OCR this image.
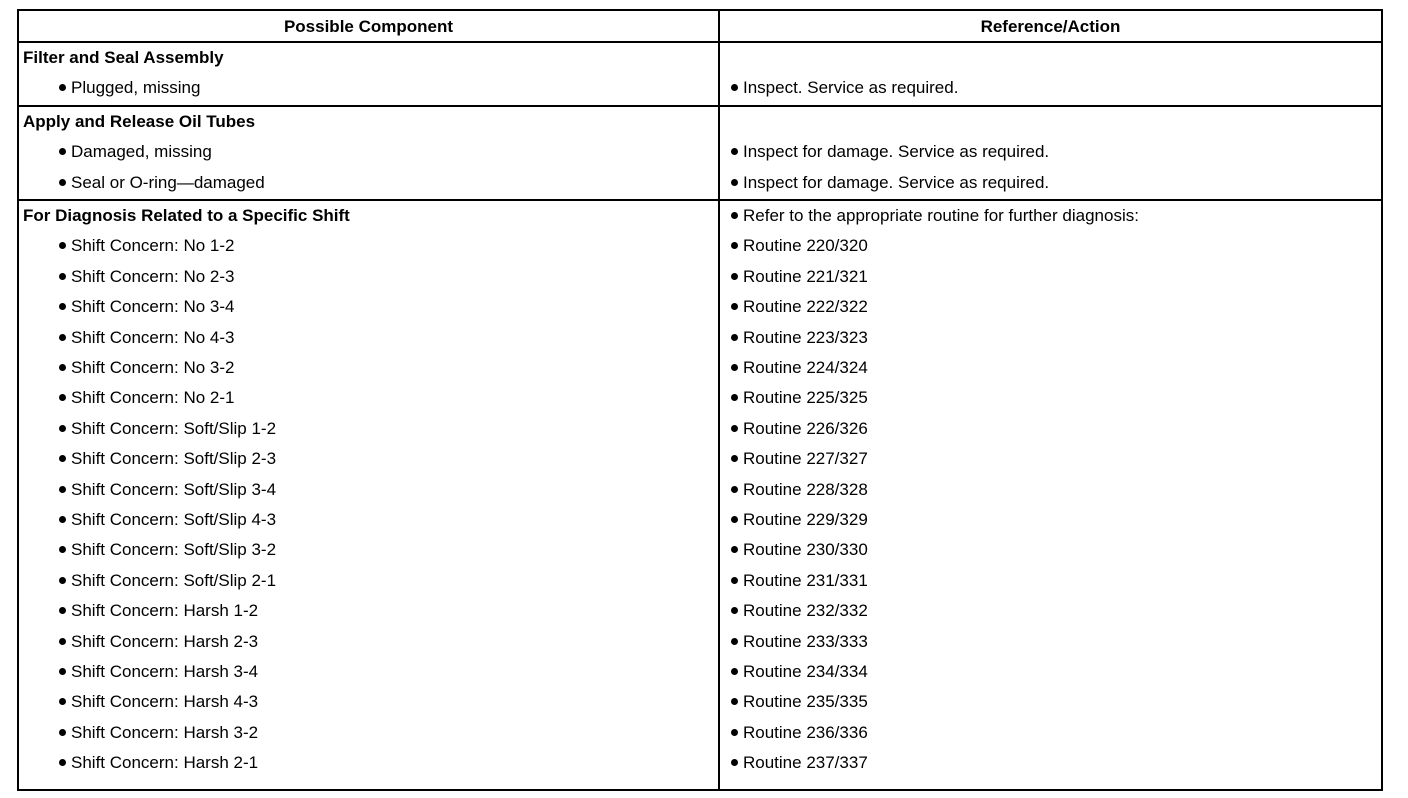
Possible Component	Reference/Action
Filter and Seal Assembly
Plugged, missing	Inspect. Service as required.
Apply and Release Oil Tubes
Damaged, missing	Inspect for damage. Service as required.
Seal or O-ring—damaged	Inspect for damage. Service as required.
For Diagnosis Related to a Specific Shift	Refer to the appropriate routine for further diagnosis:
Shift Concern: No 1-2	Routine 220/320
Shift Concern: No 2-3	Routine 221/321
Shift Concern: No 3-4	Routine 222/322
Shift Concern: No 4-3	Routine 223/323
Shift Concern: No 3-2	Routine 224/324
Shift Concern: No 2-1	Routine 225/325
Shift Concern: Soft/Slip 1-2	Routine 226/326
Shift Concern: Soft/Slip 2-3	Routine 227/327
Shift Concern: Soft/Slip 3-4	Routine 228/328
Shift Concern: Soft/Slip 4-3	Routine 229/329
Shift Concern: Soft/Slip 3-2	Routine 230/330
Shift Concern: Soft/Slip 2-1	Routine 231/331
Shift Concern: Harsh 1-2	Routine 232/332
Shift Concern: Harsh 2-3	Routine 233/333
Shift Concern: Harsh 3-4	Routine 234/334
Shift Concern: Harsh 4-3	Routine 235/335
Shift Concern: Harsh 3-2	Routine 236/336
Shift Concern: Harsh 2-1	Routine 237/337
